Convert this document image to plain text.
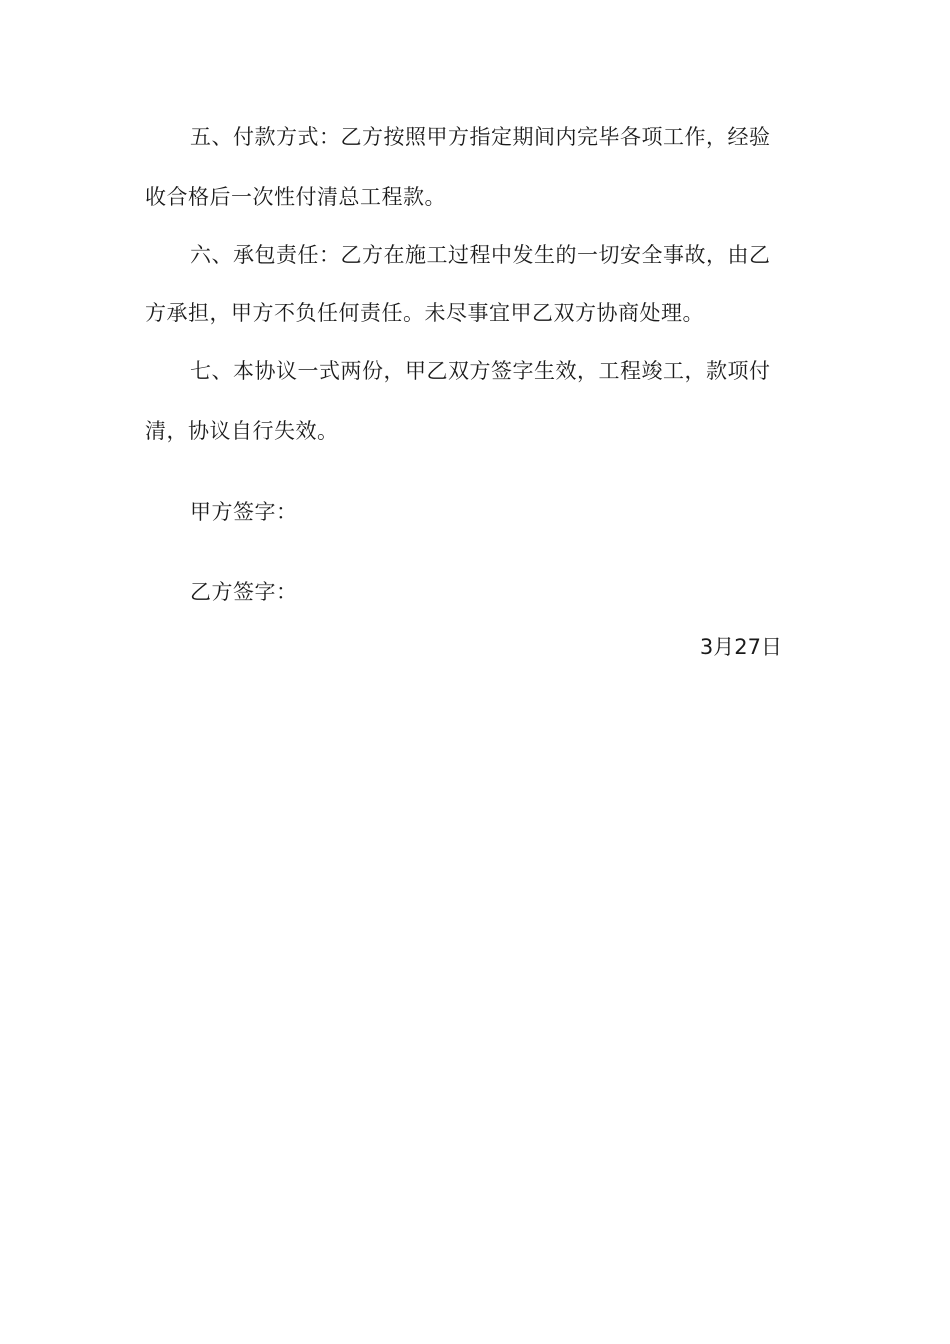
五、付款方式：乙方按照甲方指定期间内完毕各项工作，经验
收合格后一次性付清总工程款。
六、承包责任：乙方在施工过程中发生的一切安全事故，由乙
方承担，甲方不负任何责任。未尽事宜甲乙双方协商处理。
七、本协议一式两份，甲乙双方签字生效，工程竣工，款项付
清，协议自行失效。
甲方签字：
乙方签字：
3月27日
